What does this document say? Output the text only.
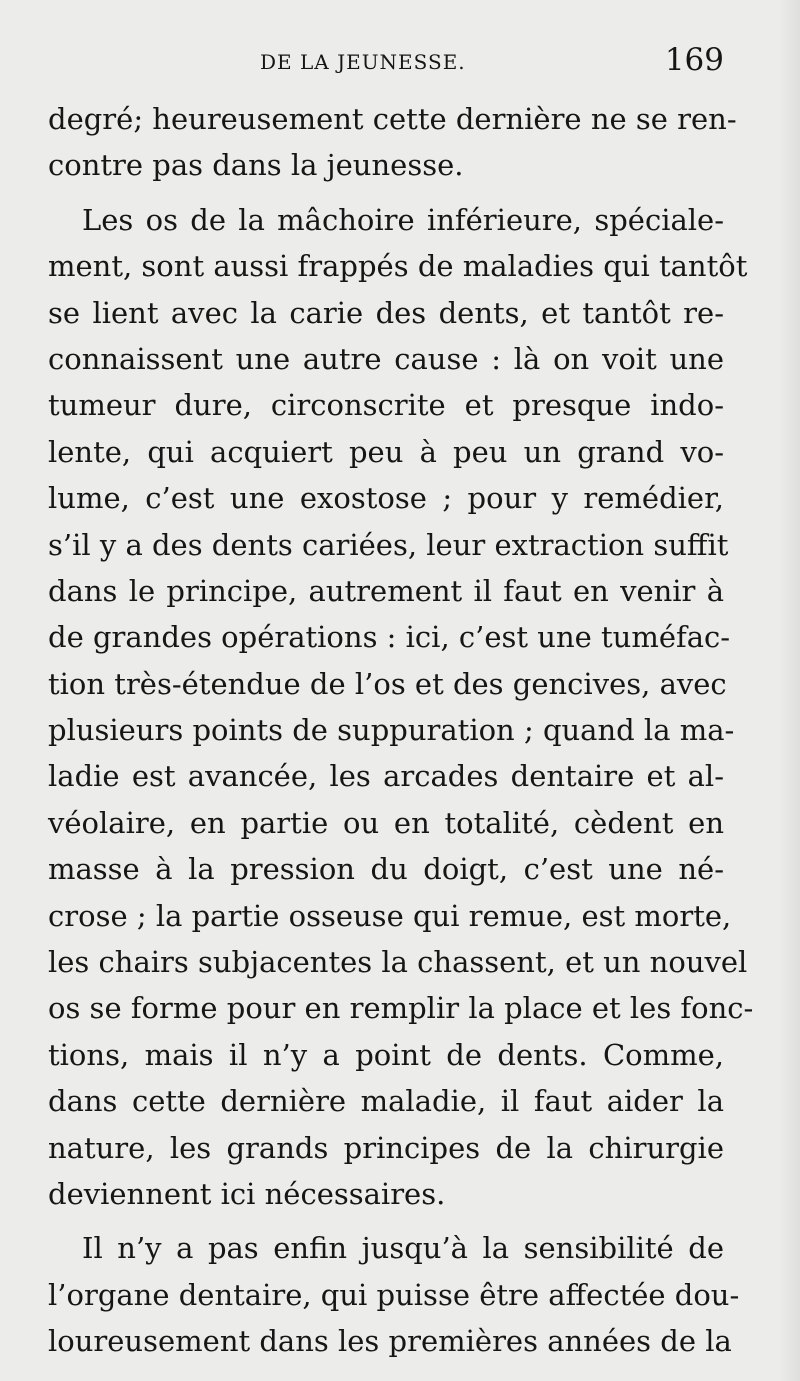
DE LA JEUNESSE.	169
degré; heureusement cette dernière ne se ren-
contre pas dans la jeunesse.
Les os de la mâchoire inférieure, spéciale-
ment, sont aussi frappés de maladies qui tantôt
se lient avec la carie des dents, et tantôt re-
connaissent une autre cause : là on voit une
tumeur dure, circonscrite et presque indo-
lente, qui acquiert peu à peu un grand vo-
lume, c’est une exostose ; pour y remédier,
s’il y a des dents cariées, leur extraction suffit
dans le principe, autrement il faut en venir à
de grandes opérations : ici, c’est une tuméfac-
tion très-étendue de l’os et des gencives, avec
plusieurs points de suppuration ; quand la ma-
ladie est avancée, les arcades dentaire et al-
véolaire, en partie ou en totalité, cèdent en
masse à la pression du doigt, c’est une né-
crose ; la partie osseuse qui remue, est morte,
les chairs subjacentes la chassent, et un nouvel
os se forme pour en remplir la place et les fonc-
tions, mais il n’y a point de dents. Comme,
dans cette dernière maladie, il faut aider la
nature, les grands principes de la chirurgie
deviennent ici nécessaires.
Il n’y a pas enfin jusqu’à la sensibilité de
l’organe dentaire, qui puisse être affectée dou-
loureusement dans les premières années de la
